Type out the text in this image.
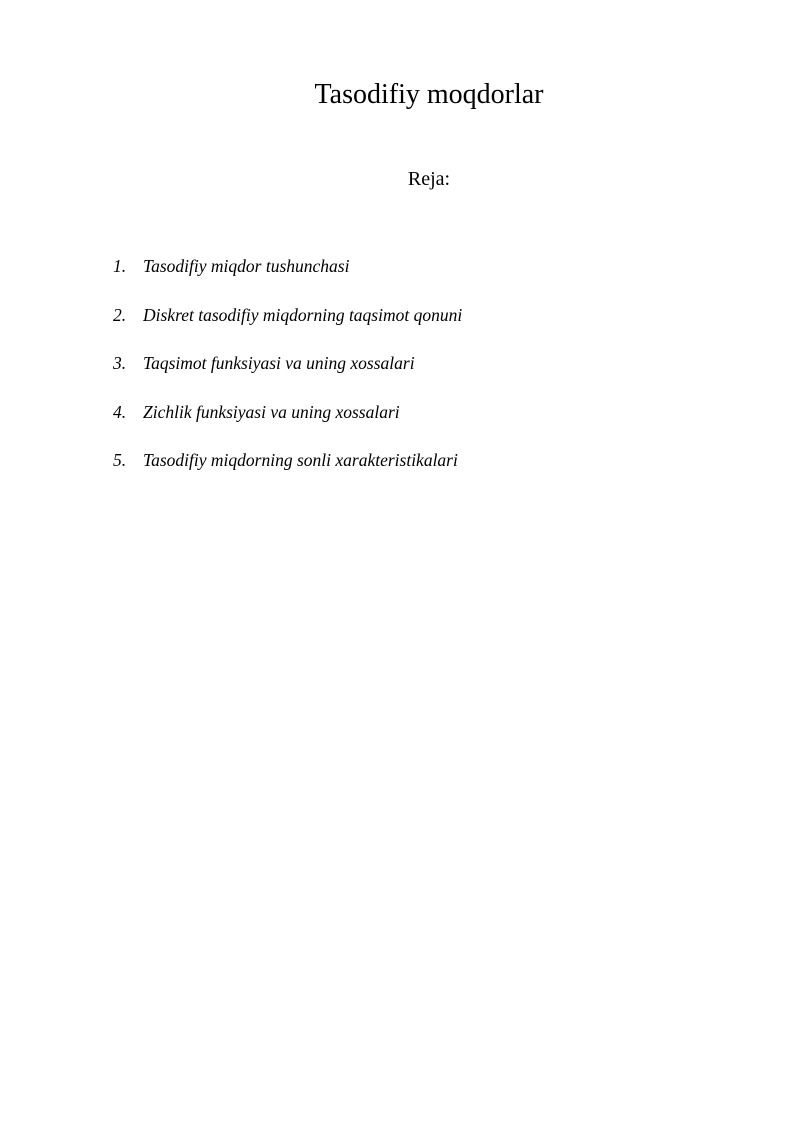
Tasodifiy moqdorlar
Reja:
1. Tasodifiy miqdor tushunchasi
2. Diskret tasodifiy miqdorning taqsimot qonuni
3. Taqsimot funksiyasi va uning xossalari
4. Zichlik funksiyasi va uning xossalari
5. Tasodifiy miqdorning sonli xarakteristikalari
